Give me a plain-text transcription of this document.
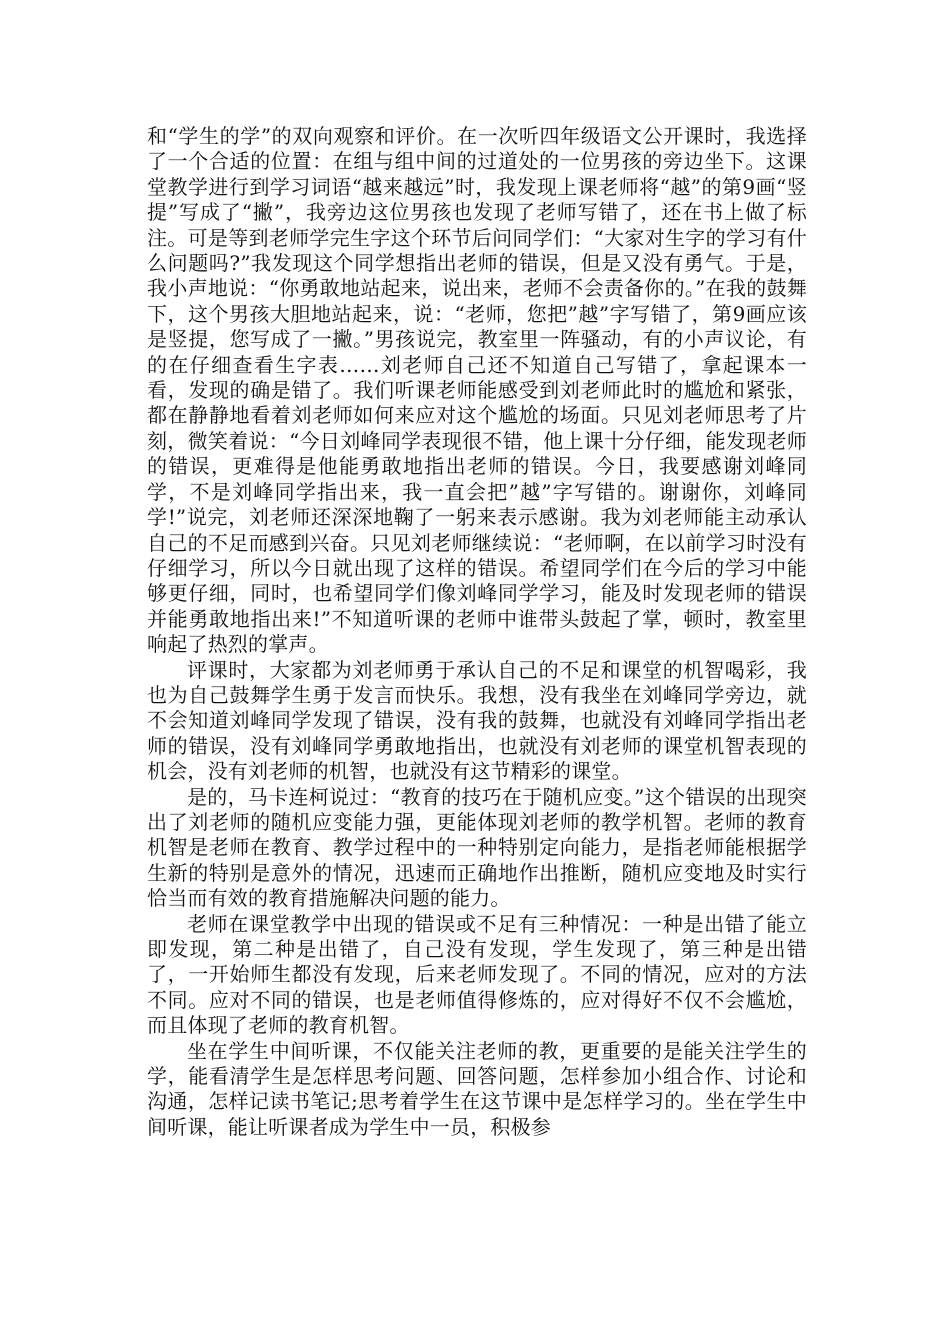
和“学生的学”的双向观察和评价。在一次听四年级语文公开课时，我选择了一个合适的位置：在组与组中间的过道处的一位男孩的旁边坐下。这课堂教学进行到学习词语“越来越远”时，我发现上课老师将“越”的第9画“竖提”写成了“撇”，我旁边这位男孩也发现了老师写错了，还在书上做了标注。可是等到老师学完生字这个环节后问同学们：“大家对生字的学习有什么问题吗?”我发现这个同学想指出老师的错误，但是又没有勇气。于是，我小声地说：“你勇敢地站起来，说出来，老师不会责备你的。”在我的鼓舞下，这个男孩大胆地站起来，说：“老师，您把”越”字写错了，第9画应该是竖提，您写成了一撇。”男孩说完，教室里一阵骚动，有的小声议论，有的在仔细查看生字表……刘老师自己还不知道自己写错了，拿起课本一看，发现的确是错了。我们听课老师能感受到刘老师此时的尴尬和紧张，都在静静地看着刘老师如何来应对这个尴尬的场面。只见刘老师思考了片刻，微笑着说：“今日刘峰同学表现很不错，他上课十分仔细，能发现老师的错误，更难得是他能勇敢地指出老师的错误。今日，我要感谢刘峰同学，不是刘峰同学指出来，我一直会把”越”字写错的。谢谢你，刘峰同学!”说完，刘老师还深深地鞠了一躬来表示感谢。我为刘老师能主动承认自己的不足而感到兴奋。只见刘老师继续说：“老师啊，在以前学习时没有仔细学习，所以今日就出现了这样的错误。希望同学们在今后的学习中能够更仔细，同时，也希望同学们像刘峰同学学习，能及时发现老师的错误并能勇敢地指出来!”不知道听课的老师中谁带头鼓起了掌，顿时，教室里响起了热烈的掌声。

评课时，大家都为刘老师勇于承认自己的不足和课堂的机智喝彩，我也为自己鼓舞学生勇于发言而快乐。我想，没有我坐在刘峰同学旁边，就不会知道刘峰同学发现了错误，没有我的鼓舞，也就没有刘峰同学指出老师的错误，没有刘峰同学勇敢地指出，也就没有刘老师的课堂机智表现的机会，没有刘老师的机智，也就没有这节精彩的课堂。

是的，马卡连柯说过：“教育的技巧在于随机应变。”这个错误的出现突出了刘老师的随机应变能力强，更能体现刘老师的教学机智。老师的教育机智是老师在教育、教学过程中的一种特别定向能力，是指老师能根据学生新的特别是意外的情况，迅速而正确地作出推断，随机应变地及时实行恰当而有效的教育措施解决问题的能力。

老师在课堂教学中出现的错误或不足有三种情况：一种是出错了能立即发现，第二种是出错了，自己没有发现，学生发现了，第三种是出错了，一开始师生都没有发现，后来老师发现了。不同的情况，应对的方法不同。应对不同的错误，也是老师值得修炼的，应对得好不仅不会尴尬，而且体现了老师的教育机智。

坐在学生中间听课，不仅能关注老师的教，更重要的是能关注学生的学，能看清学生是怎样思考问题、回答问题，怎样参加小组合作、讨论和沟通，怎样记读书笔记;思考着学生在这节课中是怎样学习的。坐在学生中间听课，能让听课者成为学生中一员，积极参
